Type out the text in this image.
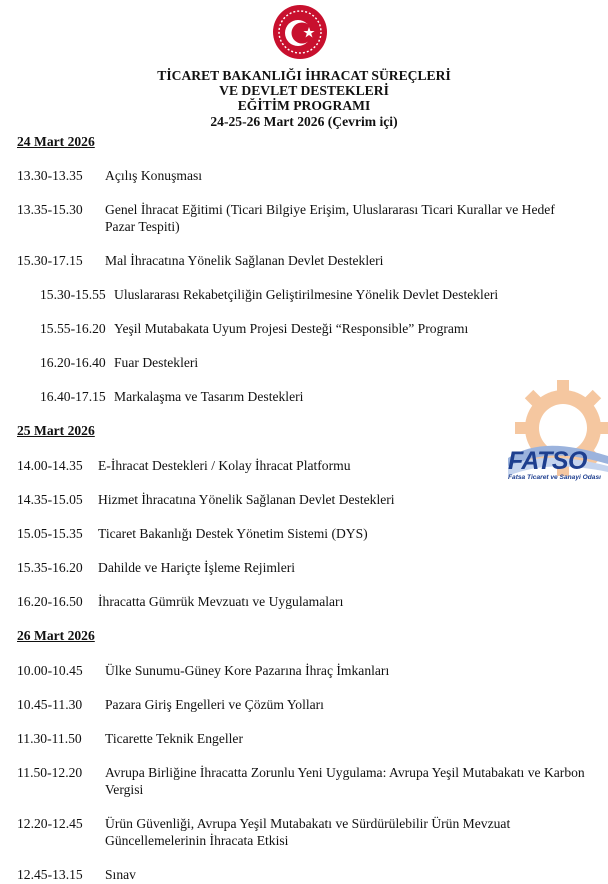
TİCARET BAKANLIĞI İHRACAT SÜREÇLERİ
VE DEVLET DESTEKLERİ
EĞİTİM PROGRAMI
24-25-26 Mart 2026 (Çevrim içi)
FATSO
Fatsa Ticaret ve Sanayi Odası
24 Mart 2026
13.30-13.35	Açılış Konuşması
13.35-15.30	Genel İhracat Eğitimi (Ticari Bilgiye Erişim, Uluslararası Ticari Kurallar ve Hedef Pazar Tespiti)
15.30-17.15	Mal İhracatına Yönelik Sağlanan Devlet Destekleri
15.30-15.55 Uluslararası Rekabetçiliğin Geliştirilmesine Yönelik Devlet Destekleri
15.55-16.20 Yeşil Mutabakata Uyum Projesi Desteği “Responsible” Programı
16.20-16.40 Fuar Destekleri
16.40-17.15 Markalaşma ve Tasarım Destekleri
25 Mart 2026
14.00-14.35	E-İhracat Destekleri / Kolay İhracat Platformu
14.35-15.05	Hizmet İhracatına Yönelik Sağlanan Devlet Destekleri
15.05-15.35	Ticaret Bakanlığı Destek Yönetim Sistemi (DYS)
15.35-16.20	Dahilde ve Hariçte İşleme Rejimleri
16.20-16.50	İhracatta Gümrük Mevzuatı ve Uygulamaları
26 Mart 2026
10.00-10.45	Ülke Sunumu-Güney Kore Pazarına İhraç İmkanları
10.45-11.30	Pazara Giriş Engelleri ve Çözüm Yolları
11.30-11.50	Ticarette Teknik Engeller
11.50-12.20	Avrupa Birliğine İhracatta Zorunlu Yeni Uygulama: Avrupa Yeşil Mutabakatı ve Karbon Vergisi
12.20-12.45	Ürün Güvenliği, Avrupa Yeşil Mutabakatı ve Sürdürülebilir Ürün Mevzuat Güncellemelerinin İhracata Etkisi
12.45-13.15	Sınav
